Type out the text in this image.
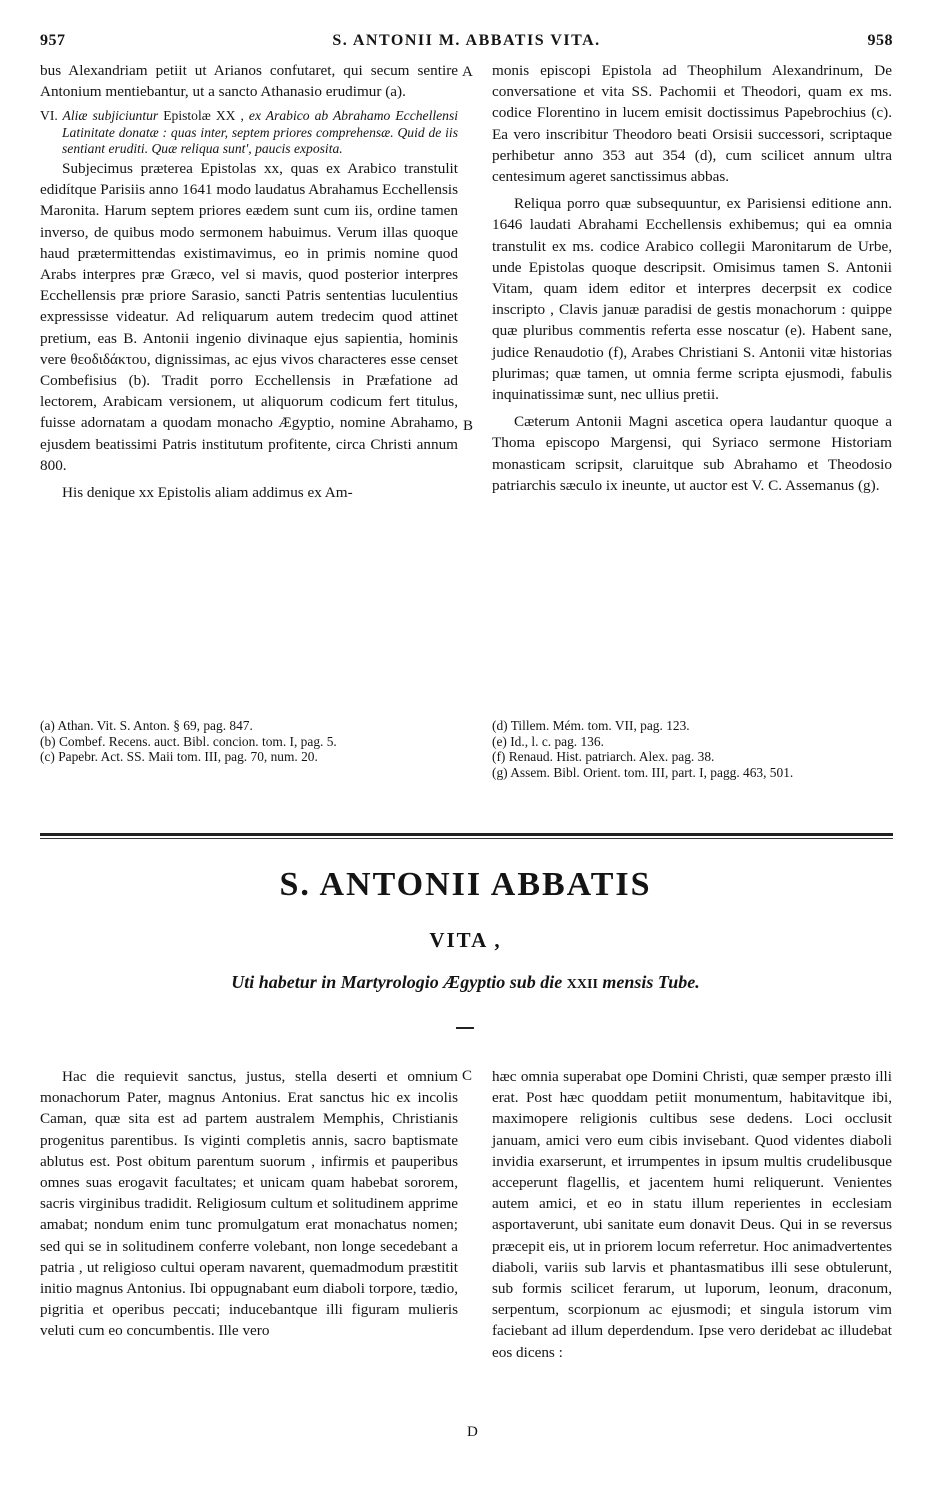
957	S. ANTONII M. ABBATIS VITA.	958

bus Alexandriam petiit ut Arianos confutaret, qui secum sentire Antonium mentiebantur, ut a sancto Athanasio erudimur (a).

VI. Aliæ subjiciuntur Epistolæ XX , ex Arabico ab Abrahamo Ecchellensi Latinitate donatæ : quas inter, septem priores comprehensæ. Quid de iis sentiant eruditi. Quæ reliqua sunt', paucis exposita.

Subjecimus præterea Epistolas xx, quas ex Arabico transtulit edidítque Parisiis anno 1641 modo laudatus Abrahamus Ecchellensis Maronita. Harum septem priores eædem sunt cum iis, ordine tamen inverso, de quibus modo sermonem habuimus. Verum illas quoque haud prætermittendas existimavimus, eo in primis nomine quod Arabs interpres præ Græco, vel si mavis, quod posterior interpres Ecchellensis præ priore Sarasio, sancti Patris sententias luculentius expressisse videatur. Ad reliquarum autem tredecim quod attinet pretium, eas B. Antonii ingenio divinaque ejus sapientia, hominis vere θεοδιδάκτου, dignissimas, ac ejus vivos characteres esse censet Combefisius (b). Tradit porro Ecchellensis in Præfatione ad lectorem, Arabicam versionem, ut aliquorum codicum fert titulus, fuisse adornatam a quodam monacho Ægyptio, nomine Abrahamo, ejusdem beatissimi Patris institutum profitente, circa Christi annum 800.

His denique xx Epistolis aliam addimus ex Am-

A
B

monis episcopi Epistola ad Theophilum Alexandrinum, De conversatione et vita SS. Pachomii et Theodori, quam ex ms. codice Florentino in lucem emisit doctissimus Papebrochius (c). Ea vero inscribitur Theodoro beati Orsisii successori, scriptaque perhibetur anno 353 aut 354 (d), cum scilicet annum ultra centesimum ageret sanctissimus abbas.

Reliqua porro quæ subsequuntur, ex Parisiensi editione ann. 1646 laudati Abrahami Ecchellensis exhibemus; qui ea omnia transtulit ex ms. codice Arabico collegii Maronitarum de Urbe, unde Epistolas quoque descripsit. Omisimus tamen S. Antonii Vitam, quam idem editor et interpres decerpsit ex codice inscripto , Clavis januæ paradisi de gestis monachorum : quippe quæ pluribus commentis referta esse noscatur (e). Habent sane, judice Renaudotio (f), Arabes Christiani S. Antonii vitæ historias plurimas; quæ tamen, ut omnia ferme scripta ejusmodi, fabulis inquinatissimæ sunt, nec ullius pretii.

Cæterum Antonii Magni ascetica opera laudantur quoque a Thoma episcopo Margensi, qui Syriaco sermone Historiam monasticam scripsit, claruitque sub Abrahamo et Theodosio patriarchis sæculo ix ineunte, ut auctor est V. C. Assemanus (g).

(a) Athan. Vit. S. Anton. § 69, pag. 847.
(b) Combef. Recens. auct. Bibl. concion. tom. I, pag. 5.
(c) Papebr. Act. SS. Maii tom. III, pag. 70, num. 20.
(d) Tillem. Mém. tom. VII, pag. 123.
(e) Id., l. c. pag. 136.
(f) Renaud. Hist. patriarch. Alex. pag. 38.
(g) Assem. Bibl. Orient. tom. III, part. I, pagg. 463, 501.
S. ANTONII ABBATIS
VITA ,
Uti habetur in Martyrologio Ægyptio sub die XXII mensis Tube.

Hac die requievit sanctus, justus, stella deserti et omnium monachorum Pater, magnus Antonius. Erat sanctus hic ex incolis Caman, quæ sita est ad partem australem Memphis, Christianis progenitus parentibus. Is viginti completis annis, sacro baptismate ablutus est. Post obitum parentum suorum , infirmis et pauperibus omnes suas erogavit facultates; et unicam quam habebat sororem, sacris virginibus tradidit. Religiosum cultum et solitudinem apprime amabat; nondum enim tunc promulgatum erat monachatus nomen; sed qui se in solitudinem conferre volebant, non longe secedebant a patria , ut religioso cultui operam navarent, quemadmodum præstitit initio magnus Antonius. Ibi oppugnabant eum diaboli torpore, tædio, pigritia et operibus peccati; inducebantque illi figuram mulieris veluti cum eo concumbentis. Ille vero

C
D

hæc omnia superabat ope Domini Christi, quæ semper præsto illi erat. Post hæc quoddam petiit monumentum, habitavitque ibi, maximopere religionis cultibus sese dedens. Loci occlusit januam, amici vero eum cibis invisebant. Quod videntes diaboli invidia exarserunt, et irrumpentes in ipsum multis crudelibusque acceperunt flagellis, et jacentem humi reliquerunt. Venientes autem amici, et eo in statu illum reperientes in ecclesiam asportaverunt, ubi sanitate eum donavit Deus. Qui in se reversus præcepit eis, ut in priorem locum referretur. Hoc animadvertentes diaboli, variis sub larvis et phantasmatibus illi sese obtulerunt, sub formis scilicet ferarum, ut luporum, leonum, draconum, serpentum, scorpionum ac ejusmodi; et singula istorum vim faciebant ad illum deperdendum. Ipse vero deridebat ac illudebat eos dicens :
